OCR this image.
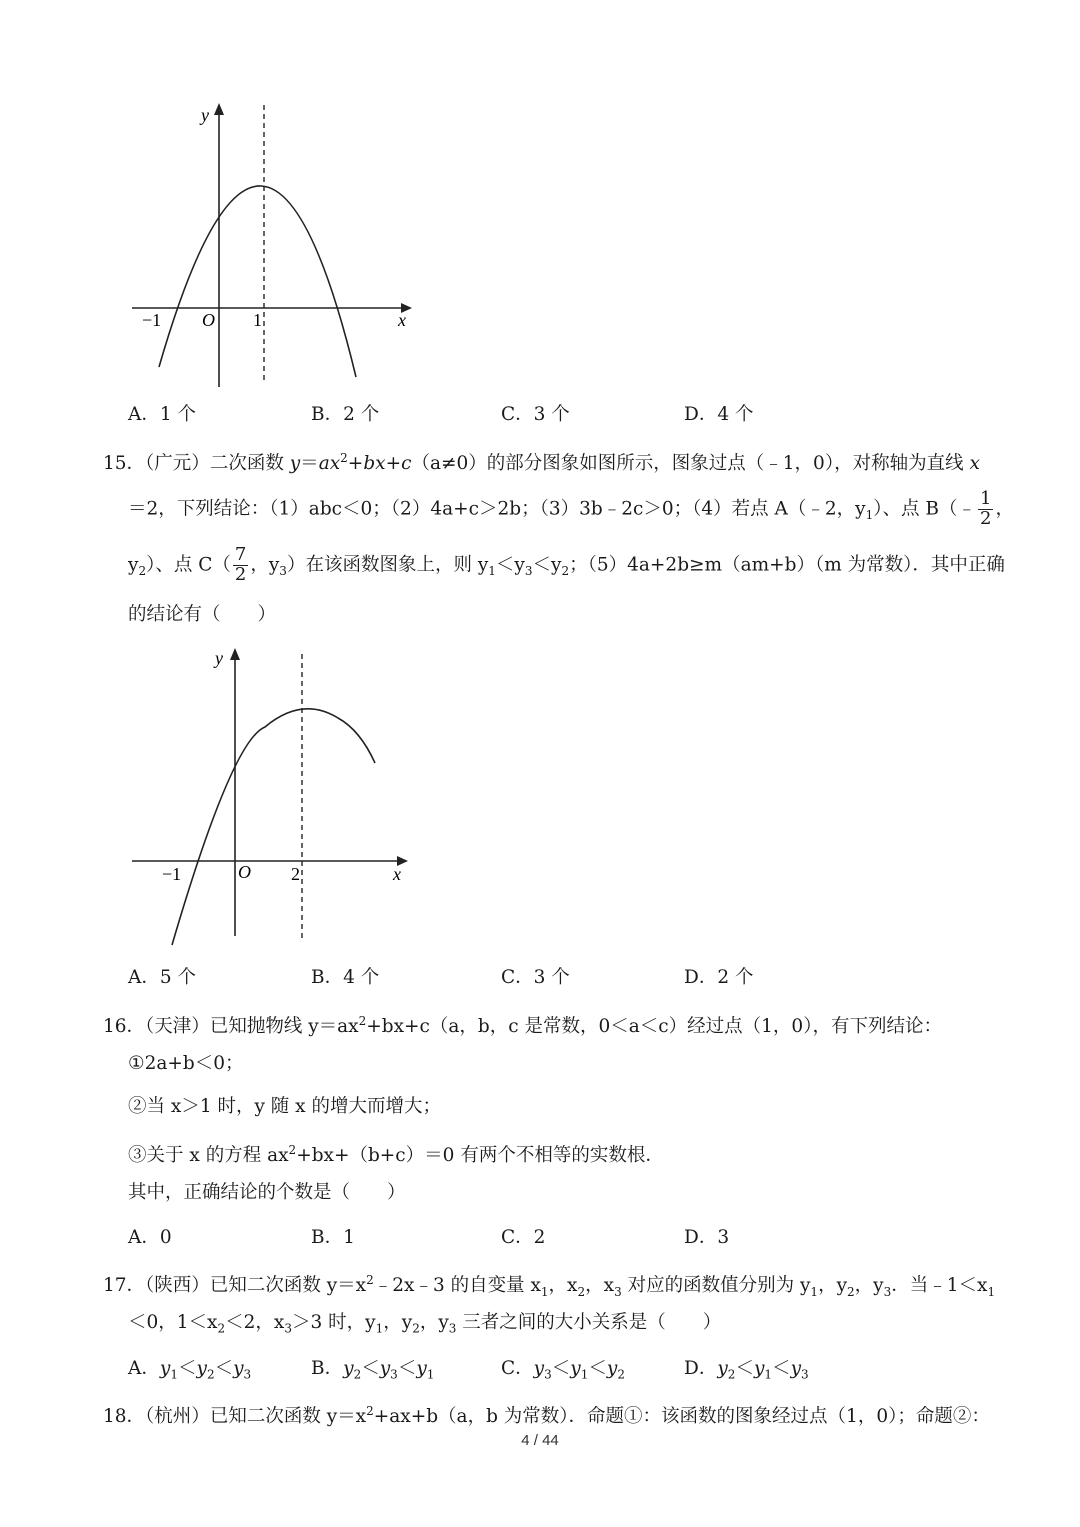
y
x
O
−1	1
A．1 个	B．2 个	C．3 个	D．4 个
15．（广元）二次函数 $y=ax^2+bx+c(a\ne 0)$的部分图象如图所示，图象过点（﹣1，0），对称轴为直线 x
＝2，下列结论：（1）abc＜0；（2）4a+c＞2b；（3）3b﹣2c＞0；（4）若点 A（﹣2，$y_1$）、点 B（﹣ $\frac{1}{2}$ ，
$y_2$）、点 $C( \frac{7}{2}$ ，$y_3$）在该函数图象上，则 $y_1<y_3<y_2$；（5）4a+2b≥m（am+b）（m 为常数）．其中正确
的结论有（　　）
y
x
O
−1	2
A．5 个	B．4 个	C．3 个	D．2 个
16．（天津）已知抛物线 $y=ax^2+bx+c(a$，b，c 是常数，0＜a＜c）经过点（1，0），有下列结论：
①2a+b＜0；
②当 x＞1 时，y 随 x 的增大而增大；
③关于 x 的方程 $ax^2+bx+(b+c)=0$ 有两个不相等的实数根．
其中，正确结论的个数是（　　）
A．0	B．1	C．2	D．3
17．（陕西）已知二次函数 $y=x^2﹣2x﹣3$ 的自变量 $x_1$，$x_2$，$x_3$ 对应的函数值分别为 $y_1$，$y_2$，$y_3$．当$﹣1<x_1$
＜0，$1<x_2<2$，$x_3>3$ 时，$y_1$，$y_2$，$y_3$ 三者之间的大小关系是（　　）
A．$y_1<y_2<y_3$	B．$y_2<y_3<y_1$	C．$y_3<y_1<y_2$	D．$y_2<y_1<y_3$
18．（杭州）已知二次函数 $y=x^2+ax+b(a$，b 为常数）．命题①：该函数的图象经过点（1，0）；命题②：
4 / 44
